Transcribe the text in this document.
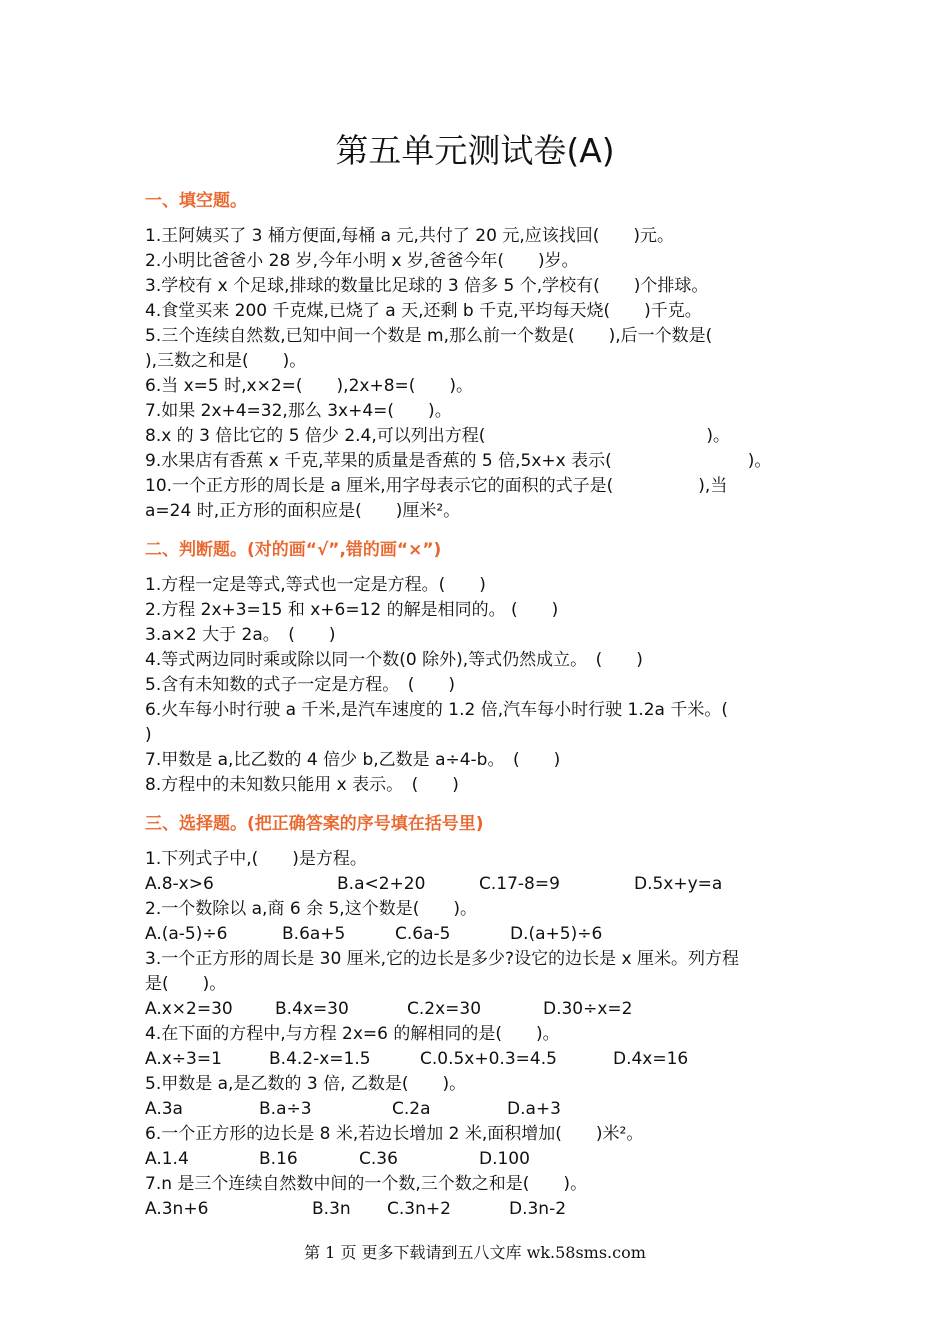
第五单元测试卷(A)
一、填空题。
1.王阿姨买了 3 桶方便面,每桶 a 元,共付了 20 元,应该找回(　　)元。
2.小明比爸爸小 28 岁,今年小明 x 岁,爸爸今年(　　)岁。
3.学校有 x 个足球,排球的数量比足球的 3 倍多 5 个,学校有(　　)个排球。
4.食堂买来 200 千克煤,已烧了 a 天,还剩 b 千克,平均每天烧(　　)千克。
5.三个连续自然数,已知中间一个数是 m,那么前一个数是(　　),后一个数是(
),三数之和是(　　)。
6.当 x=5 时,x×2=(　　),2x+8=(　　)。
7.如果 2x+4=32,那么 3x+4=(　　)。
8.x 的 3 倍比它的 5 倍少 2.4,可以列出方程(　　　　　　　　　　　　　)。
9.水果店有香蕉 x 千克,苹果的质量是香蕉的 5 倍,5x+x 表示(　　　　　　　　)。
10.一个正方形的周长是 a 厘米,用字母表示它的面积的式子是(　　　　　),当
a=24 时,正方形的面积应是(　　)厘米²。
二、判断题。(对的画“√”,错的画“×”)
1.方程一定是等式,等式也一定是方程。(　　)
2.方程 2x+3=15 和 x+6=12 的解是相同的。 (　　)
3.a×2 大于 2a。　(　　)
4.等式两边同时乘或除以同一个数(0 除外),等式仍然成立。　(　　)
5.含有未知数的式子一定是方程。　(　　)
6.火车每小时行驶 a 千米,是汽车速度的 1.2 倍,汽车每小时行驶 1.2a 千米。(
)
7.甲数是 a,比乙数的 4 倍少 b,乙数是 a÷4-b。　(　　)
8.方程中的未知数只能用 x 表示。　(　　)
三、选择题。(把正确答案的序号填在括号里)
1.下列式子中,(　　)是方程。
A.8-x>6	B.a<2+20	C.17-8=9	D.5x+y=a
2.一个数除以 a,商 6 余 5,这个数是(　　)。
A.(a-5)÷6	B.6a+5	C.6a-5	D.(a+5)÷6
3.一个正方形的周长是 30 厘米,它的边长是多少?设它的边长是 x 厘米。列方程
是(　　)。
A.x×2=30 B.4x=30	C.2x=30	D.30÷x=2
4.在下面的方程中,与方程 2x=6 的解相同的是(　　)。
A.x÷3=1	B.4.2-x=1.5	C.0.5x+0.3=4.5	D.4x=16
5.甲数是 a,是乙数的 3 倍, 乙数是(　　)。
A.3a	B.a÷3	C.2a	D.a+3
6.一个正方形的边长是 8 米,若边长增加 2 米,面积增加(　　)米²。
A.1.4	B.16	C.36	D.100
7.n 是三个连续自然数中间的一个数,三个数之和是(　　)。
A.3n+6	B.3n C.3n+2	D.3n-2
第 1 页 更多下载请到五八文库 wk.58sms.com
